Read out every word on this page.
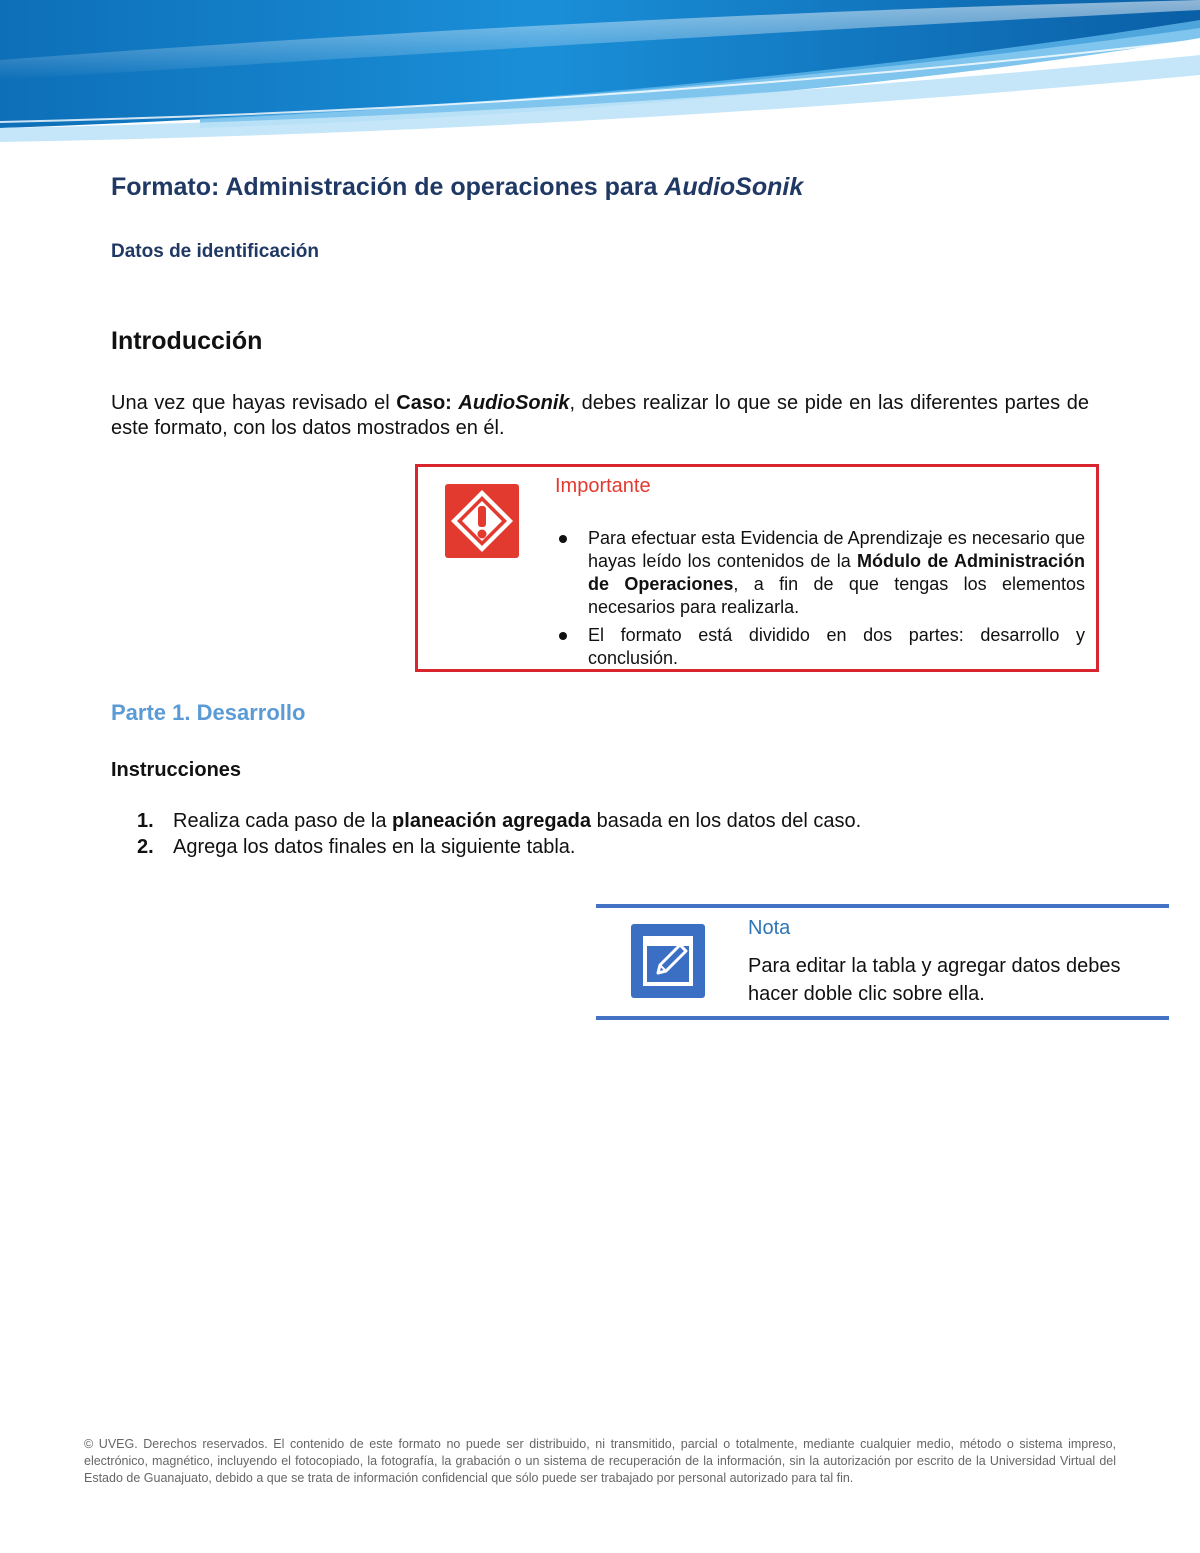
Formato: Administración de operaciones para AudioSonik
Datos de identificación
Introducción
Una vez que hayas revisado el Caso: AudioSonik, debes realizar lo que se pide en las diferentes partes de este formato, con los datos mostrados en él.
Importante
Para efectuar esta Evidencia de Aprendizaje es necesario que hayas leído los contenidos de la Módulo de Administración de Operaciones, a fin de que tengas los elementos necesarios para realizarla.
El formato está dividido en dos partes: desarrollo y conclusión.
Parte 1. Desarrollo
Instrucciones
1. Realiza cada paso de la planeación agregada basada en los datos del caso.
2. Agrega los datos finales en la siguiente tabla.
Nota
Para editar la tabla y agregar datos debes hacer doble clic sobre ella.
© UVEG. Derechos reservados. El contenido de este formato no puede ser distribuido, ni transmitido, parcial o totalmente, mediante cualquier medio, método o sistema impreso, electrónico, magnético, incluyendo el fotocopiado, la fotografía, la grabación o un sistema de recuperación de la información, sin la autorización por escrito de la Universidad Virtual del Estado de Guanajuato, debido a que se trata de información confidencial que sólo puede ser trabajado por personal autorizado para tal fin.
